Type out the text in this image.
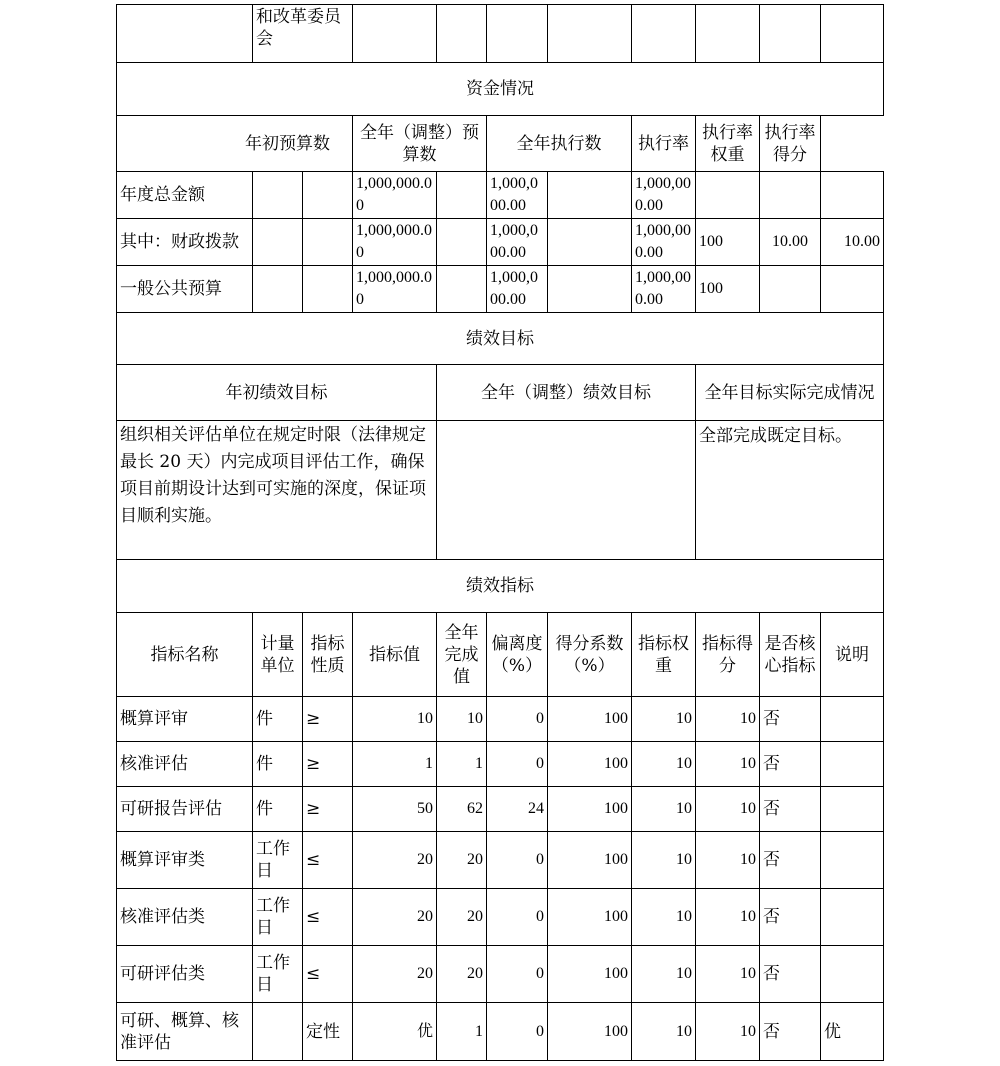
	和改革委员会									
资金情况										
年初预算数			全年（调整）预算数		全年执行数		执行率	执行率权重	执行率得分	
年度总金额			1,000,000.00		1,000,000.00		1,000,000.00			
其中：财政拨款			1,000,000.00		1,000,000.00		1,000,000.00	100	10.00	10.00
一般公共预算			1,000,000.00		1,000,000.00		1,000,000.00	100		
绩效目标										
年初绩效目标				全年（调整）绩效目标				全年目标实际完成情况		
组织相关评估单位在规定时限（法律规定最长 20 天）内完成项目评估工作，确保项目前期设计达到可实施的深度，保证项目顺利实施。								全部完成既定目标。		
绩效指标										
指标名称	计量单位	指标性质	指标值	全年完成值	偏离度（%）	得分系数（%）	指标权重	指标得分	是否核心指标	说明
概算评审	件	≥	10	10	0	100	10	10	否	
核准评估	件	≥	1	1	0	100	10	10	否	
可研报告评估	件	≥	50	62	24	100	10	10	否	
概算评审类	工作日	≤	20	20	0	100	10	10	否	
核准评估类	工作日	≤	20	20	0	100	10	10	否	
可研评估类	工作日	≤	20	20	0	100	10	10	否	
可研、概算、核准评估		定性	优	1	0	100	10	10	否	优
